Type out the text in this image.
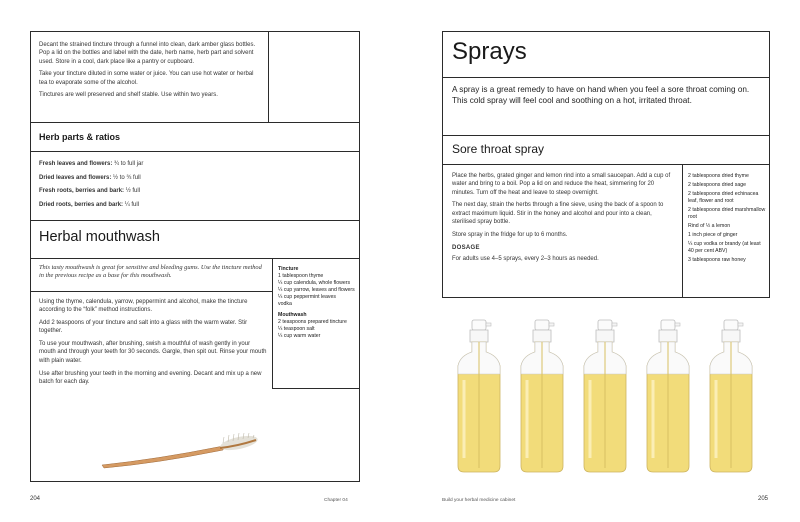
Decant the strained tincture through a funnel into clean, dark amber glass bottles. Pop a lid on the bottles and label with the date, herb name, herb part and solvent used. Store in a cool, dark place like a pantry or cupboard.

Take your tincture diluted in some water or juice. You can use hot water or herbal tea to evaporate some of the alcohol.

Tinctures are well preserved and shelf stable. Use within two years.

Herb parts & ratios
Fresh leaves and flowers: ¾ to full jar
Dried leaves and flowers: ½ to ¾ full
Fresh roots, berries and bark: ½ full
Dried roots, berries and bark: ¼ full
Herbal mouthwash
This tasty mouthwash is great for sensitive and bleeding gums. Use the tincture method in the previous recipe as a base for this mouthwash.

Using the thyme, calendula, yarrow, peppermint and alcohol, make the tincture according to the “folk” method instructions.

Add 2 teaspoons of your tincture and salt into a glass with the warm water. Stir together.

To use your mouthwash, after brushing, swish a mouthful of wash gently in your mouth and through your teeth for 30 seconds. Gargle, then spit out. Rinse your mouth with plain water.

Use after brushing your teeth in the morning and evening. Decant and mix up a new batch for each day.

Tincture
1 tablespoon thyme
¼ cup calendula, whole flowers
¼ cup yarrow, leaves and flowers
¼ cup peppermint leaves
vodka
Mouthwash
2 teaspoons prepared tincture
¼ teaspoon salt
¼ cup warm water
204	Chapter 04
Sprays
A spray is a great remedy to have on hand when you feel a sore throat coming on. This cold spray will feel cool and soothing on a hot, irritated throat.
Sore throat spray

Place the herbs, grated ginger and lemon rind into a small saucepan. Add a cup of water and bring to a boil. Pop a lid on and reduce the heat, simmering for 20 minutes. Turn off the heat and leave to steep overnight.

The next day, strain the herbs through a fine sieve, using the back of a spoon to extract maximum liquid. Stir in the honey and alcohol and pour into a clean, sterilised spray bottle.

Store spray in the fridge for up to 6 months.

DOSAGE

For adults use 4–5 sprays, every 2–3 hours as needed.

2 tablespoons dried thyme
2 tablespoons dried sage
2 tablespoons dried echinacea leaf, flower and root
2 tablespoons dried marshmallow root
Rind of ½ a lemon
1 inch piece of ginger
¼ cup vodka or brandy (at least 40 per cent ABV)
3 tablespoons raw honey
Build your herbal medicine cabinet	205
